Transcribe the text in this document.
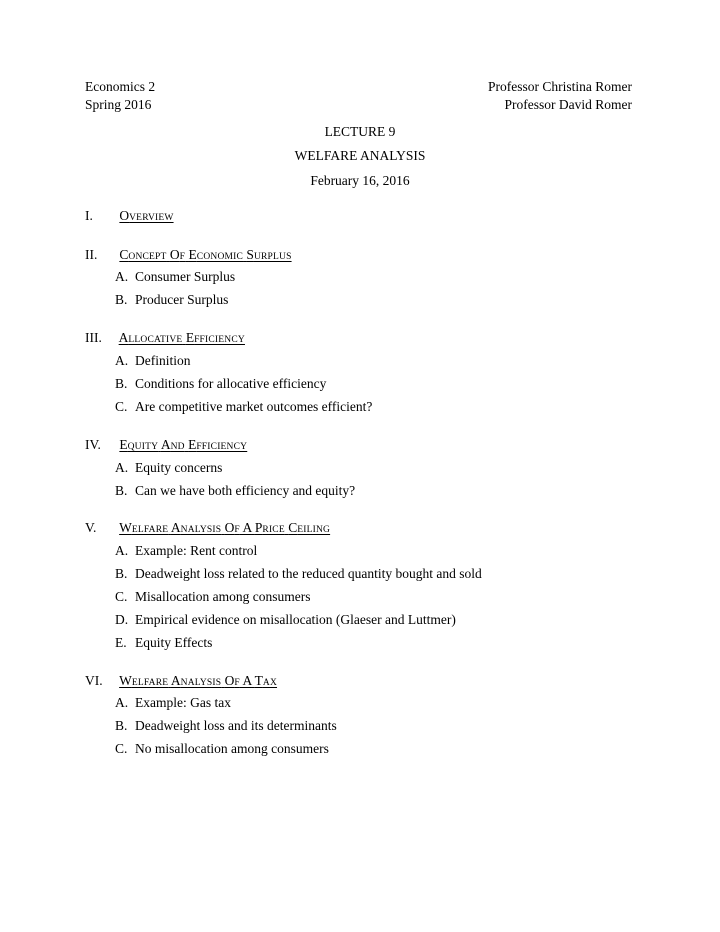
Economics 2	Professor Christina Romer
Spring 2016	Professor David Romer
LECTURE 9
WELFARE ANALYSIS
February 16, 2016
I. OVERVIEW
II. CONCEPT OF ECONOMIC SURPLUS
A. Consumer Surplus
B. Producer Surplus
III. ALLOCATIVE EFFICIENCY
A. Definition
B. Conditions for allocative efficiency
C. Are competitive market outcomes efficient?
IV. EQUITY AND EFFICIENCY
A. Equity concerns
B. Can we have both efficiency and equity?
V. WELFARE ANALYSIS OF A PRICE CEILING
A. Example: Rent control
B. Deadweight loss related to the reduced quantity bought and sold
C. Misallocation among consumers
D. Empirical evidence on misallocation (Glaeser and Luttmer)
E. Equity Effects
VI. WELFARE ANALYSIS OF A TAX
A. Example: Gas tax
B. Deadweight loss and its determinants
C. No misallocation among consumers
